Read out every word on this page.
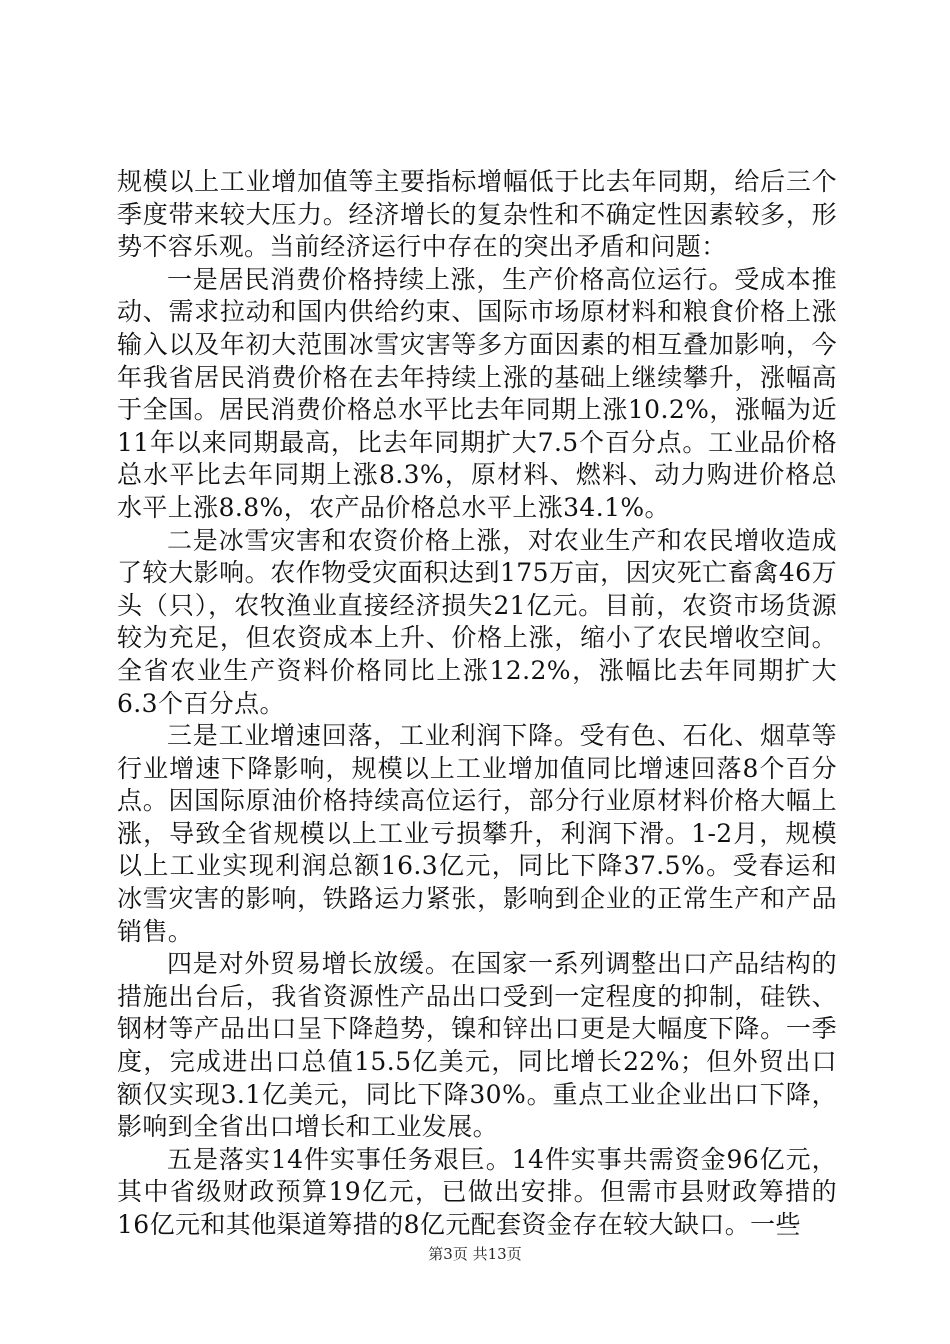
规模以上工业增加值等主要指标增幅低于比去年同期，给后三个季度带来较大压力。经济增长的复杂性和不确定性因素较多，形势不容乐观。当前经济运行中存在的突出矛盾和问题：

一是居民消费价格持续上涨，生产价格高位运行。受成本推动、需求拉动和国内供给约束、国际市场原材料和粮食价格上涨输入以及年初大范围冰雪灾害等多方面因素的相互叠加影响，今年我省居民消费价格在去年持续上涨的基础上继续攀升，涨幅高于全国。居民消费价格总水平比去年同期上涨10.2%，涨幅为近11年以来同期最高，比去年同期扩大7.5个百分点。工业品价格总水平比去年同期上涨8.3%，原材料、燃料、动力购进价格总水平上涨8.8%，农产品价格总水平上涨34.1%。

二是冰雪灾害和农资价格上涨，对农业生产和农民增收造成了较大影响。农作物受灾面积达到175万亩，因灾死亡畜禽46万头（只），农牧渔业直接经济损失21亿元。目前，农资市场货源较为充足，但农资成本上升、价格上涨，缩小了农民增收空间。全省农业生产资料价格同比上涨12.2%，涨幅比去年同期扩大6.3个百分点。

三是工业增速回落，工业利润下降。受有色、石化、烟草等行业增速下降影响，规模以上工业增加值同比增速回落8个百分点。因国际原油价格持续高位运行，部分行业原材料价格大幅上涨，导致全省规模以上工业亏损攀升，利润下滑。1-2月，规模以上工业实现利润总额16.3亿元，同比下降37.5%。受春运和冰雪灾害的影响，铁路运力紧张，影响到企业的正常生产和产品销售。

四是对外贸易增长放缓。在国家一系列调整出口产品结构的措施出台后，我省资源性产品出口受到一定程度的抑制，硅铁、钢材等产品出口呈下降趋势，镍和锌出口更是大幅度下降。一季度，完成进出口总值15.5亿美元，同比增长22%；但外贸出口额仅实现3.1亿美元，同比下降30%。重点工业企业出口下降，影响到全省出口增长和工业发展。

五是落实14件实事任务艰巨。14件实事共需资金96亿元，其中省级财政预算19亿元，已做出安排。但需市县财政筹措的16亿元和其他渠道筹措的8亿元配套资金存在较大缺口。一些

第3页 共13页
